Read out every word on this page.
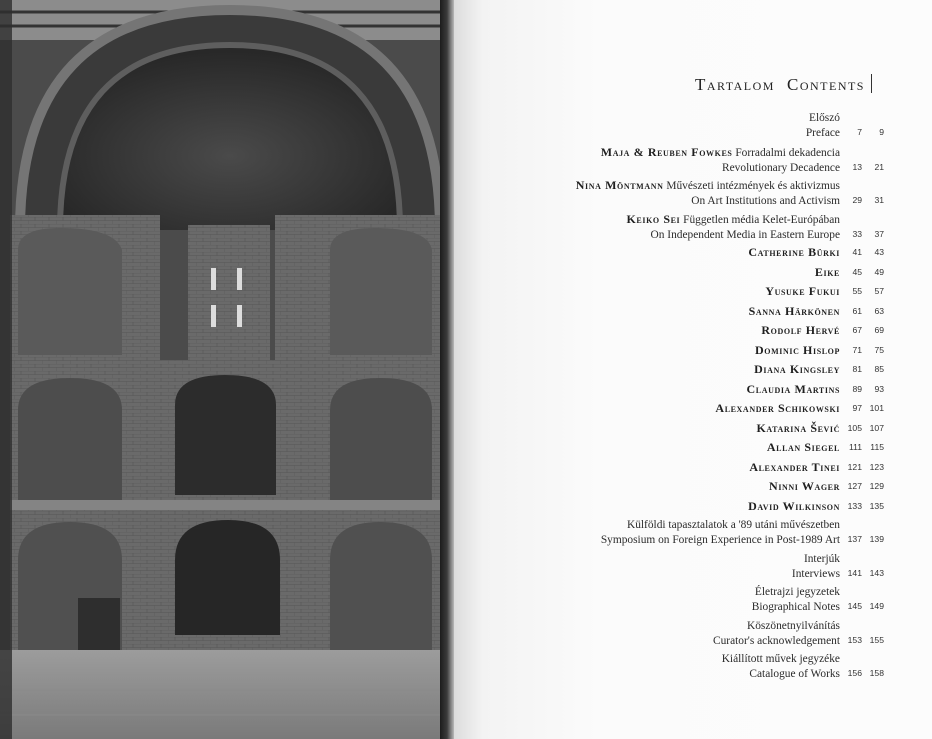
Tartalom Contents
Előszó
Preface	7	9
Maja & Reuben Fowkes Forradalmi dekadencia
Revolutionary Decadence	13	21
Nina Möntmann Művészeti intézmények és aktivizmus
On Art Institutions and Activism	29	31
Keiko Sei Független média Kelet-Európában
On Independent Media in Eastern Europe	33	37
Catherine Bürki	41	43
Eike	45	49
Yusuke Fukui	55	57
Sanna Härkönen	61	63
Rodolf Hervé	67	69
Dominic Hislop	71	75
Diana Kingsley	81	85
Claudia Martins	89	93
Alexander Schikowski	97 101
Katarina Šević 105 107
Allan Siegel	111 115
Alexander Tinei 121 123
Ninni Wager 127 129
David Wilkinson 133 135
Külföldi tapasztalatok a '89 utáni művészetben
Symposium on Foreign Experience in Post-1989 Art 137 139
Interjúk
Interviews 141 143
Életrajzi jegyzetek
Biographical Notes 145 149
Köszönetnyilvánítás
Curator's acknowledgement 153 155
Kiállított művek jegyzéke
Catalogue of Works 156 158
